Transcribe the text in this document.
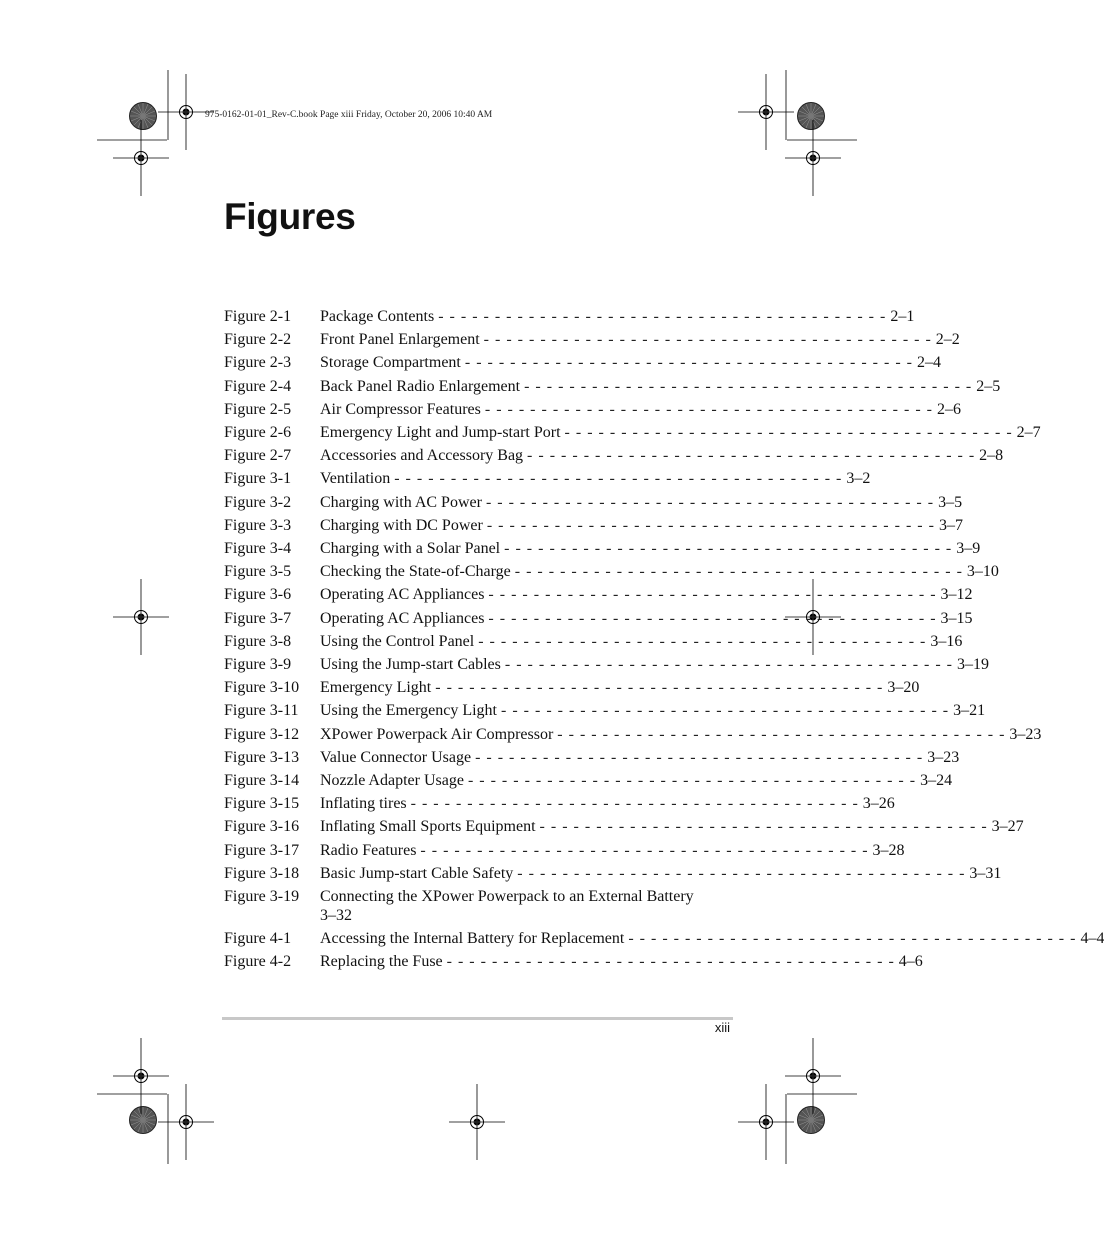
975-0162-01-01_Rev-C.book Page xiii Friday, October 20, 2006 10:40 AM
Figures
Figure 2-1	Package Contents - - - - - - - - - - - - - - - - - - - - - - - - - - - - - - - - - - - - - - - - 2–1
Figure 2-2	Front Panel Enlargement - - - - - - - - - - - - - - - - - - - - - - - - - - - - - - - - - - - - - - - - 2–2
Figure 2-3	Storage Compartment - - - - - - - - - - - - - - - - - - - - - - - - - - - - - - - - - - - - - - - - 2–4
Figure 2-4	Back Panel Radio Enlargement - - - - - - - - - - - - - - - - - - - - - - - - - - - - - - - - - - - - - - - - 2–5
Figure 2-5	Air Compressor Features - - - - - - - - - - - - - - - - - - - - - - - - - - - - - - - - - - - - - - - - 2–6
Figure 2-6	Emergency Light and Jump-start Port - - - - - - - - - - - - - - - - - - - - - - - - - - - - - - - - - - - - - - - - 2–7
Figure 2-7	Accessories and Accessory Bag - - - - - - - - - - - - - - - - - - - - - - - - - - - - - - - - - - - - - - - - 2–8
Figure 3-1	Ventilation - - - - - - - - - - - - - - - - - - - - - - - - - - - - - - - - - - - - - - - - 3–2
Figure 3-2	Charging with AC Power - - - - - - - - - - - - - - - - - - - - - - - - - - - - - - - - - - - - - - - - 3–5
Figure 3-3	Charging with DC Power - - - - - - - - - - - - - - - - - - - - - - - - - - - - - - - - - - - - - - - - 3–7
Figure 3-4	Charging with a Solar Panel - - - - - - - - - - - - - - - - - - - - - - - - - - - - - - - - - - - - - - - - 3–9
Figure 3-5	Checking the State-of-Charge - - - - - - - - - - - - - - - - - - - - - - - - - - - - - - - - - - - - - - - - 3–10
Figure 3-6	Operating AC Appliances - - - - - - - - - - - - - - - - - - - - - - - - - - - - - - - - - - - - - - - - 3–12
Figure 3-7	Operating AC Appliances - - - - - - - - - - - - - - - - - - - - - - - - - - - - - - - - - - - - - - - - 3–15
Figure 3-8	Using the Control Panel - - - - - - - - - - - - - - - - - - - - - - - - - - - - - - - - - - - - - - - - 3–16
Figure 3-9	Using the Jump-start Cables - - - - - - - - - - - - - - - - - - - - - - - - - - - - - - - - - - - - - - - - 3–19
Figure 3-10	Emergency Light - - - - - - - - - - - - - - - - - - - - - - - - - - - - - - - - - - - - - - - - 3–20
Figure 3-11	Using the Emergency Light - - - - - - - - - - - - - - - - - - - - - - - - - - - - - - - - - - - - - - - - 3–21
Figure 3-12	XPower Powerpack Air Compressor - - - - - - - - - - - - - - - - - - - - - - - - - - - - - - - - - - - - - - - - 3–23
Figure 3-13	Value Connector Usage - - - - - - - - - - - - - - - - - - - - - - - - - - - - - - - - - - - - - - - - 3–23
Figure 3-14	Nozzle Adapter Usage - - - - - - - - - - - - - - - - - - - - - - - - - - - - - - - - - - - - - - - - 3–24
Figure 3-15	Inflating tires - - - - - - - - - - - - - - - - - - - - - - - - - - - - - - - - - - - - - - - - 3–26
Figure 3-16	Inflating Small Sports Equipment - - - - - - - - - - - - - - - - - - - - - - - - - - - - - - - - - - - - - - - - 3–27
Figure 3-17	Radio Features - - - - - - - - - - - - - - - - - - - - - - - - - - - - - - - - - - - - - - - - 3–28
Figure 3-18	Basic Jump-start Cable Safety - - - - - - - - - - - - - - - - - - - - - - - - - - - - - - - - - - - - - - - - 3–31
Figure 3-19	Connecting the XPower Powerpack to an External Battery
3–32
Figure 4-1	Accessing the Internal Battery for Replacement - - - - - - - - - - - - - - - - - - - - - - - - - - - - - - - - - - - - - - - - 4–4
Figure 4-2	Replacing the Fuse - - - - - - - - - - - - - - - - - - - - - - - - - - - - - - - - - - - - - - - - 4–6
xiii
